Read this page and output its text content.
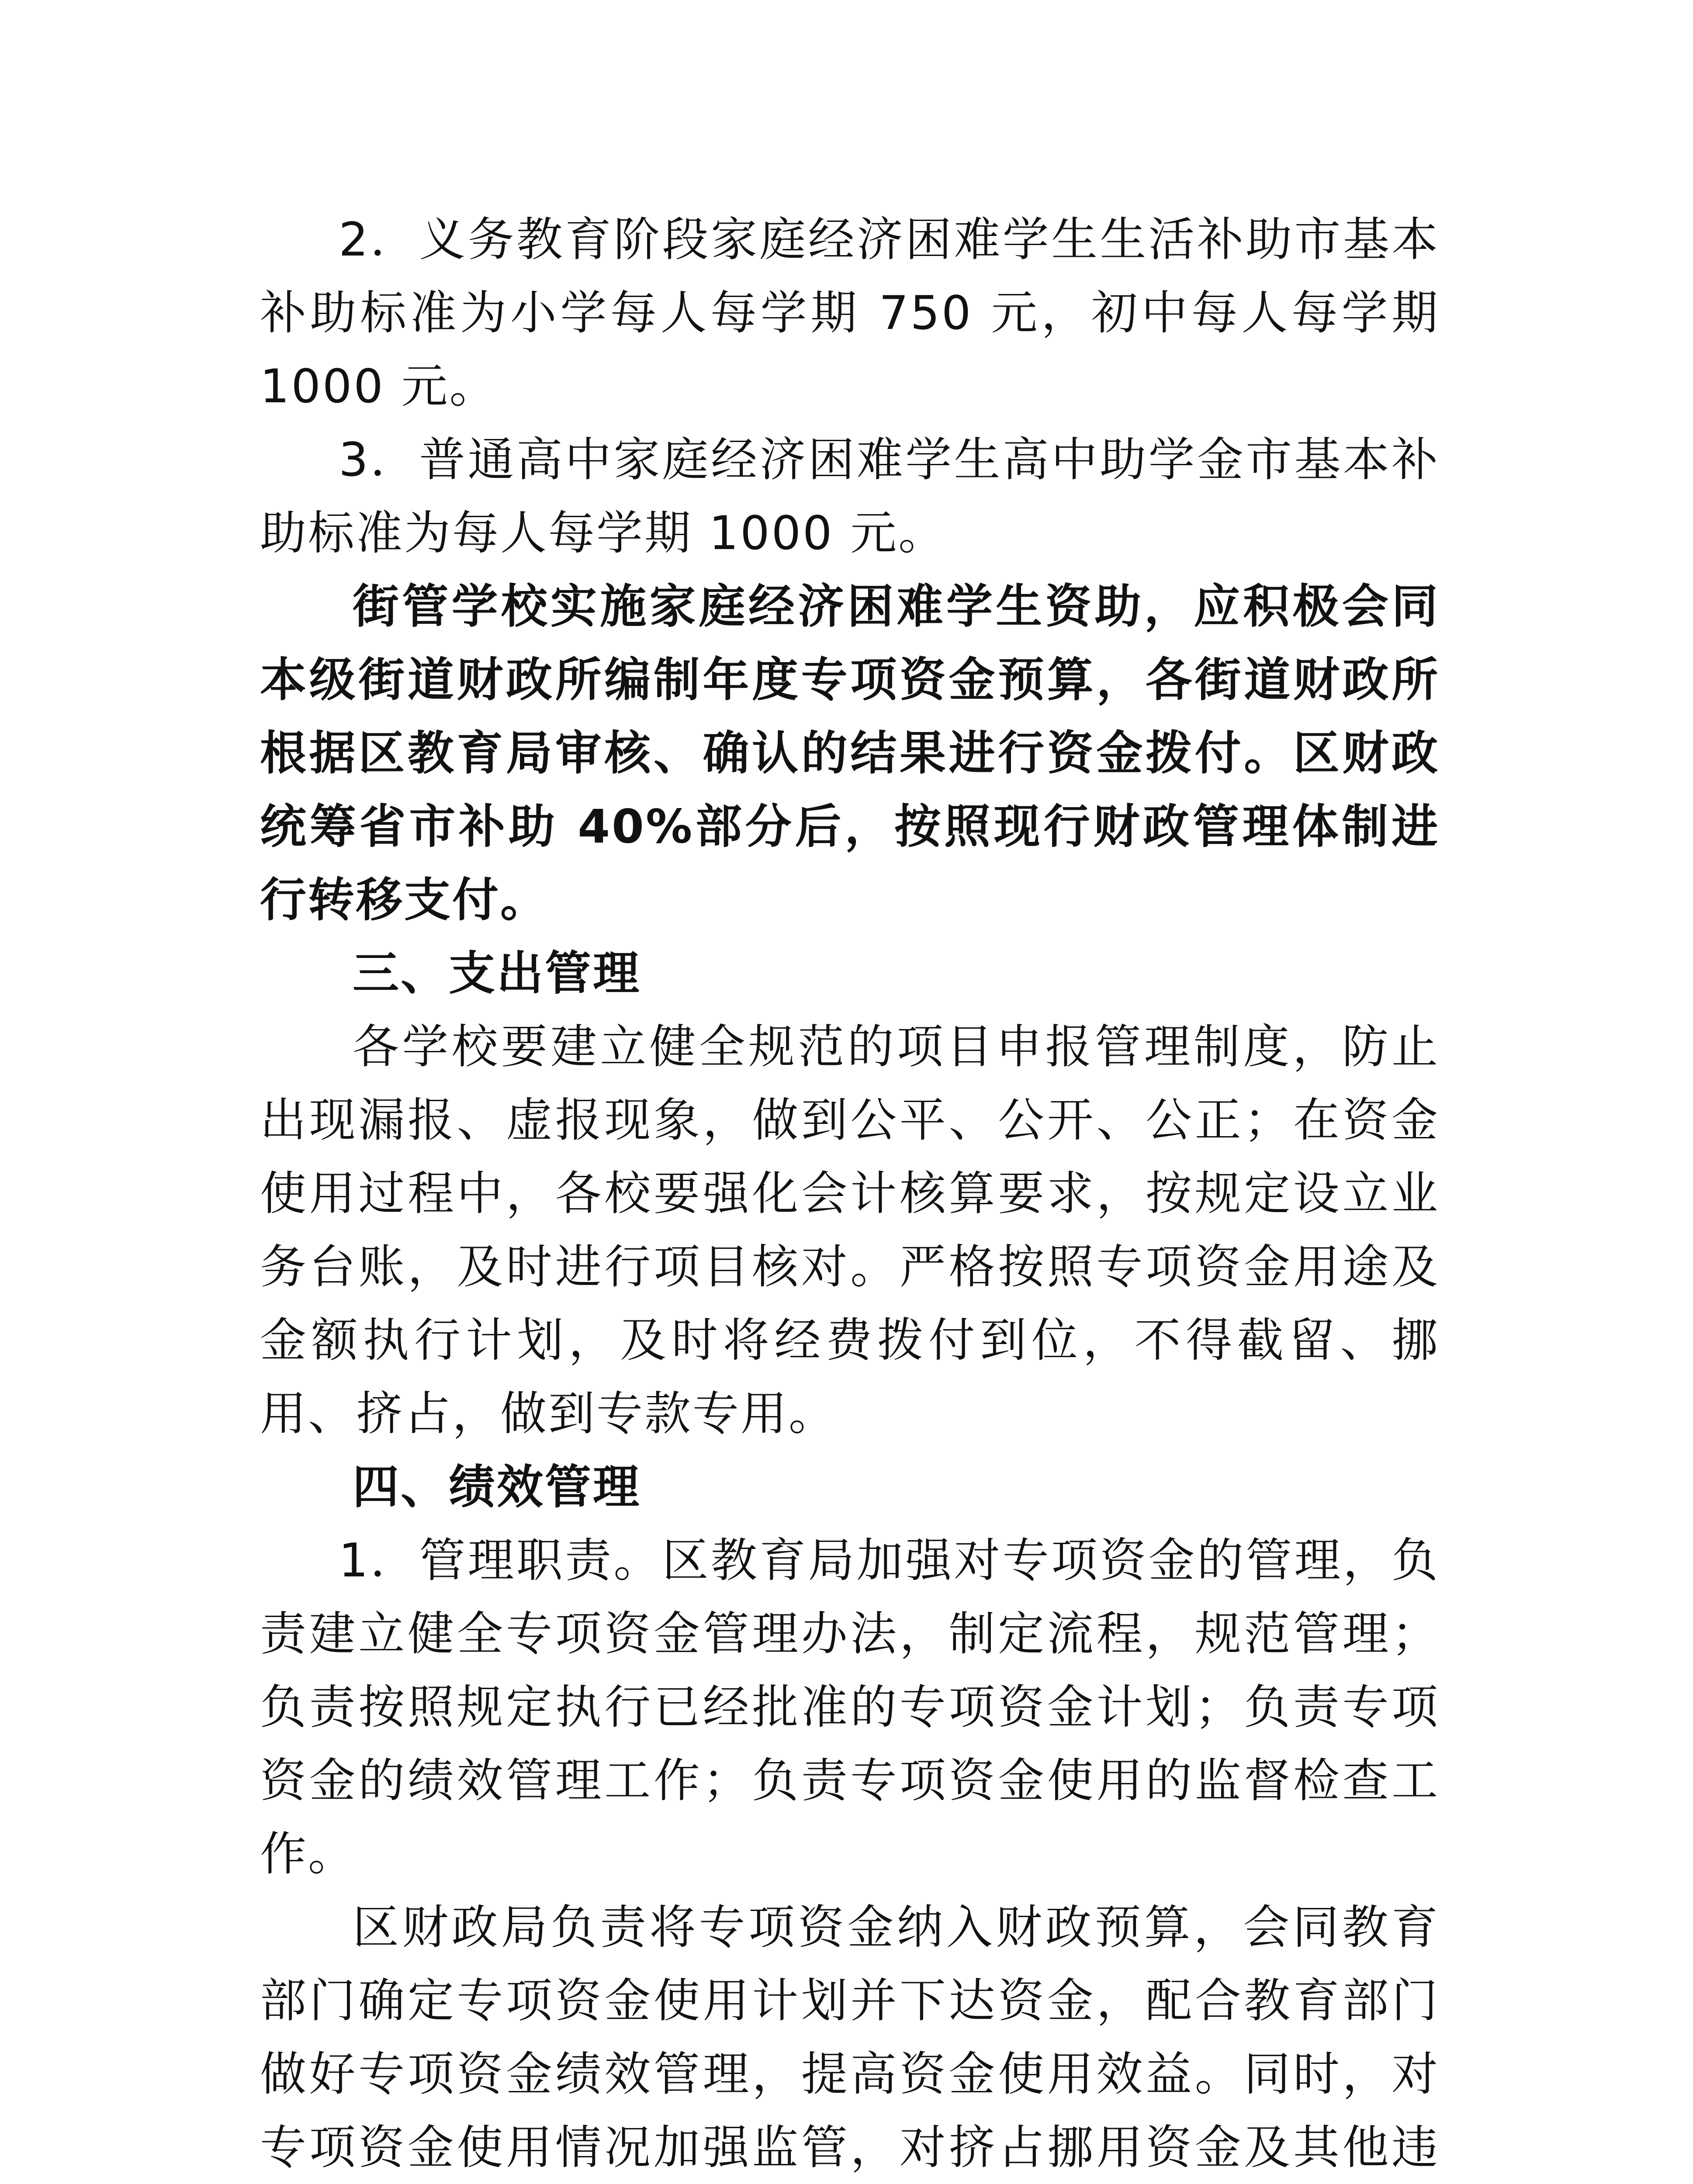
2．义务教育阶段家庭经济困难学生生活补助市基本补助标准为小学每人每学期 750 元，初中每人每学期 1000 元。

3．普通高中家庭经济困难学生高中助学金市基本补助标准为每人每学期 1000 元。

街管学校实施家庭经济困难学生资助，应积极会同本级街道财政所编制年度专项资金预算，各街道财政所根据区教育局审核、确认的结果进行资金拨付。区财政统筹省市补助 40%部分后，按照现行财政管理体制进行转移支付。

三、支出管理

各学校要建立健全规范的项目申报管理制度，防止出现漏报、虚报现象，做到公平、公开、公正；在资金使用过程中，各校要强化会计核算要求，按规定设立业务台账，及时进行项目核对。严格按照专项资金用途及金额执行计划，及时将经费拨付到位，不得截留、挪用、挤占，做到专款专用。

四、绩效管理

1．管理职责。区教育局加强对专项资金的管理，负责建立健全专项资金管理办法，制定流程，规范管理；负责按照规定执行已经批准的专项资金计划；负责专项资金的绩效管理工作；负责专项资金使用的监督检查工作。

区财政局负责将专项资金纳入财政预算，会同教育部门确定专项资金使用计划并下达资金，配合教育部门做好专项资金绩效管理，提高资金使用效益。同时，对专项资金使用情况加强监管，对挤占挪用资金及其他违
